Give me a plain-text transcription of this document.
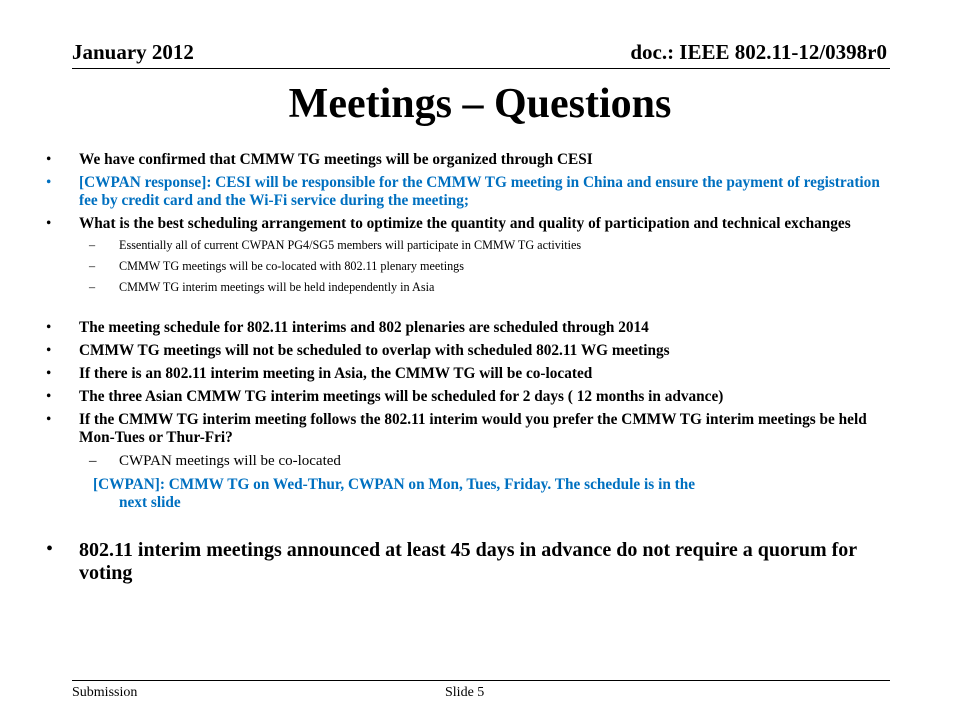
January 2012	doc.: IEEE 802.11-12/0398r0
Meetings – Questions
• We have confirmed that CMMW TG meetings will be organized through CESI
• [CWPAN response]: CESI will be responsible for the CMMW TG meeting in China and ensure the payment of registration fee by credit card and the Wi-Fi service during the meeting;
• What is the best scheduling arrangement to optimize the quantity and quality of participation and technical exchanges
– Essentially all of current CWPAN PG4/SG5 members will participate in CMMW TG activities
– CMMW TG meetings will be co-located with 802.11 plenary meetings
– CMMW TG interim meetings will be held independently in Asia
• The meeting schedule for 802.11 interims and 802 plenaries are scheduled through 2014
• CMMW TG meetings will not be scheduled to overlap with scheduled 802.11 WG meetings
• If there is an 802.11 interim meeting in Asia, the CMMW TG will be co-located
• The three Asian CMMW TG interim meetings will be scheduled for 2 days ( 12 months in advance)
• If the CMMW TG interim meeting follows the 802.11 interim would you prefer the CMMW TG interim meetings be held Mon-Tues or Thur-Fri?
– CWPAN meetings will be co-located
[CWPAN]: CMMW TG on Wed-Thur, CWPAN on Mon, Tues, Friday. The schedule is in the
next slide
• 802.11 interim meetings announced at least 45 days in advance do not require a quorum for voting
Submission	Slide 5
